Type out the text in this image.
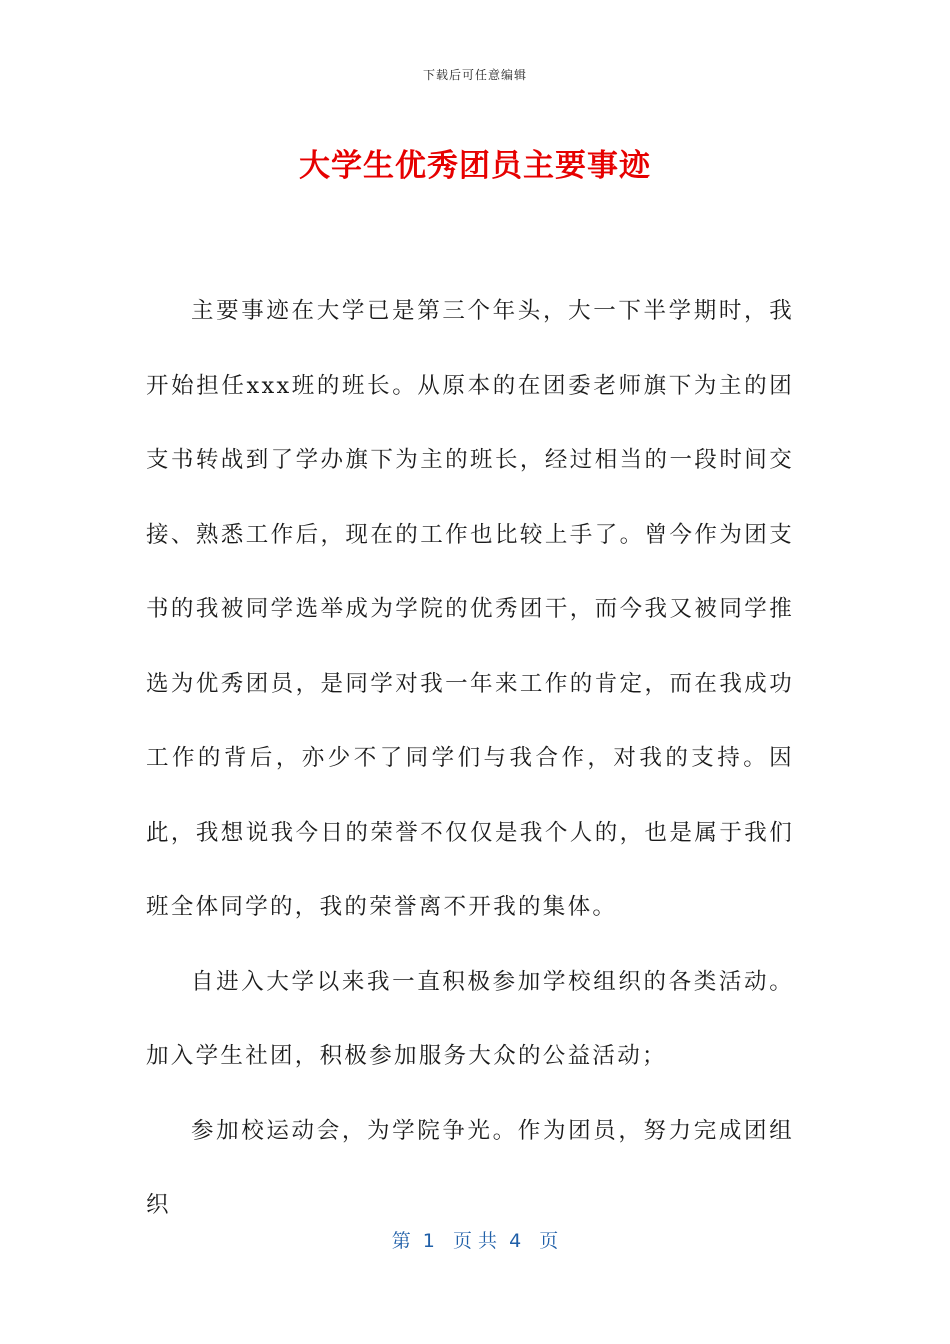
下载后可任意编辑
大学生优秀团员主要事迹

主要事迹在大学已是第三个年头，大一下半学期时，我开始担任xxx班的班长。从原本的在团委老师旗下为主的团支书转战到了学办旗下为主的班长，经过相当的一段时间交接、熟悉工作后，现在的工作也比较上手了。曾今作为团支书的我被同学选举成为学院的优秀团干，而今我又被同学推选为优秀团员，是同学对我一年来工作的肯定，而在我成功工作的背后，亦少不了同学们与我合作，对我的支持。因此，我想说我今日的荣誉不仅仅是我个人的，也是属于我们班全体同学的，我的荣誉离不开我的集体。

自进入大学以来我一直积极参加学校组织的各类活动。加入学生社团，积极参加服务大众的公益活动；

参加校运动会，为学院争光。作为团员，努力完成团组织

第  1   页 共  4   页
